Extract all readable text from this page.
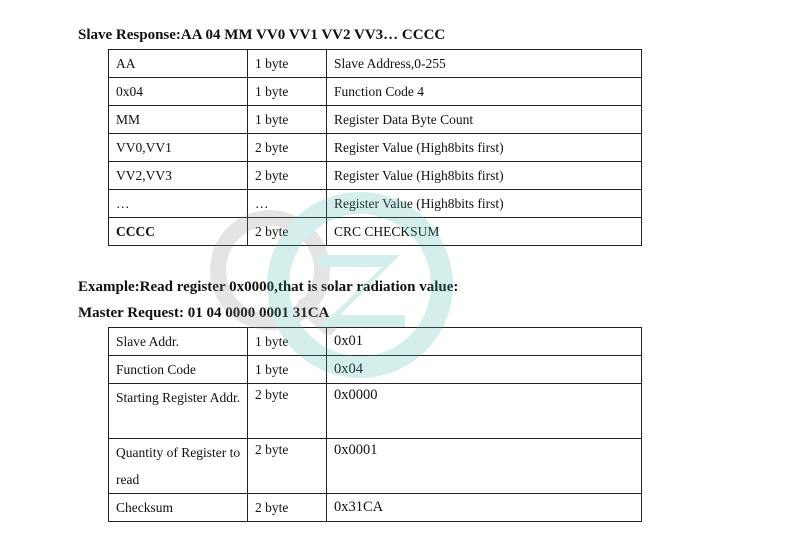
Slave Response:AA 04 MM VV0 VV1 VV2 VV3… CCCC
AA	1 byte	Slave Address,0-255
0x04	1 byte	Function Code 4
MM	1 byte	Register Data Byte Count
VV0,VV1	2 byte	Register Value (High8bits first)
VV2,VV3	2 byte	Register Value (High8bits first)
…	…	Register Value (High8bits first)
CCCC	2 byte	CRC CHECKSUM
Example:Read register 0x0000,that is solar radiation value:
Master Request: 01 04 0000 0001 31CA
Slave Addr.	1 byte	0x01
Function Code	1 byte	0x04
Starting Register Addr.	2 byte	0x0000
Quantity of Register to read	2 byte	0x0001
Checksum	2 byte	0x31CA
